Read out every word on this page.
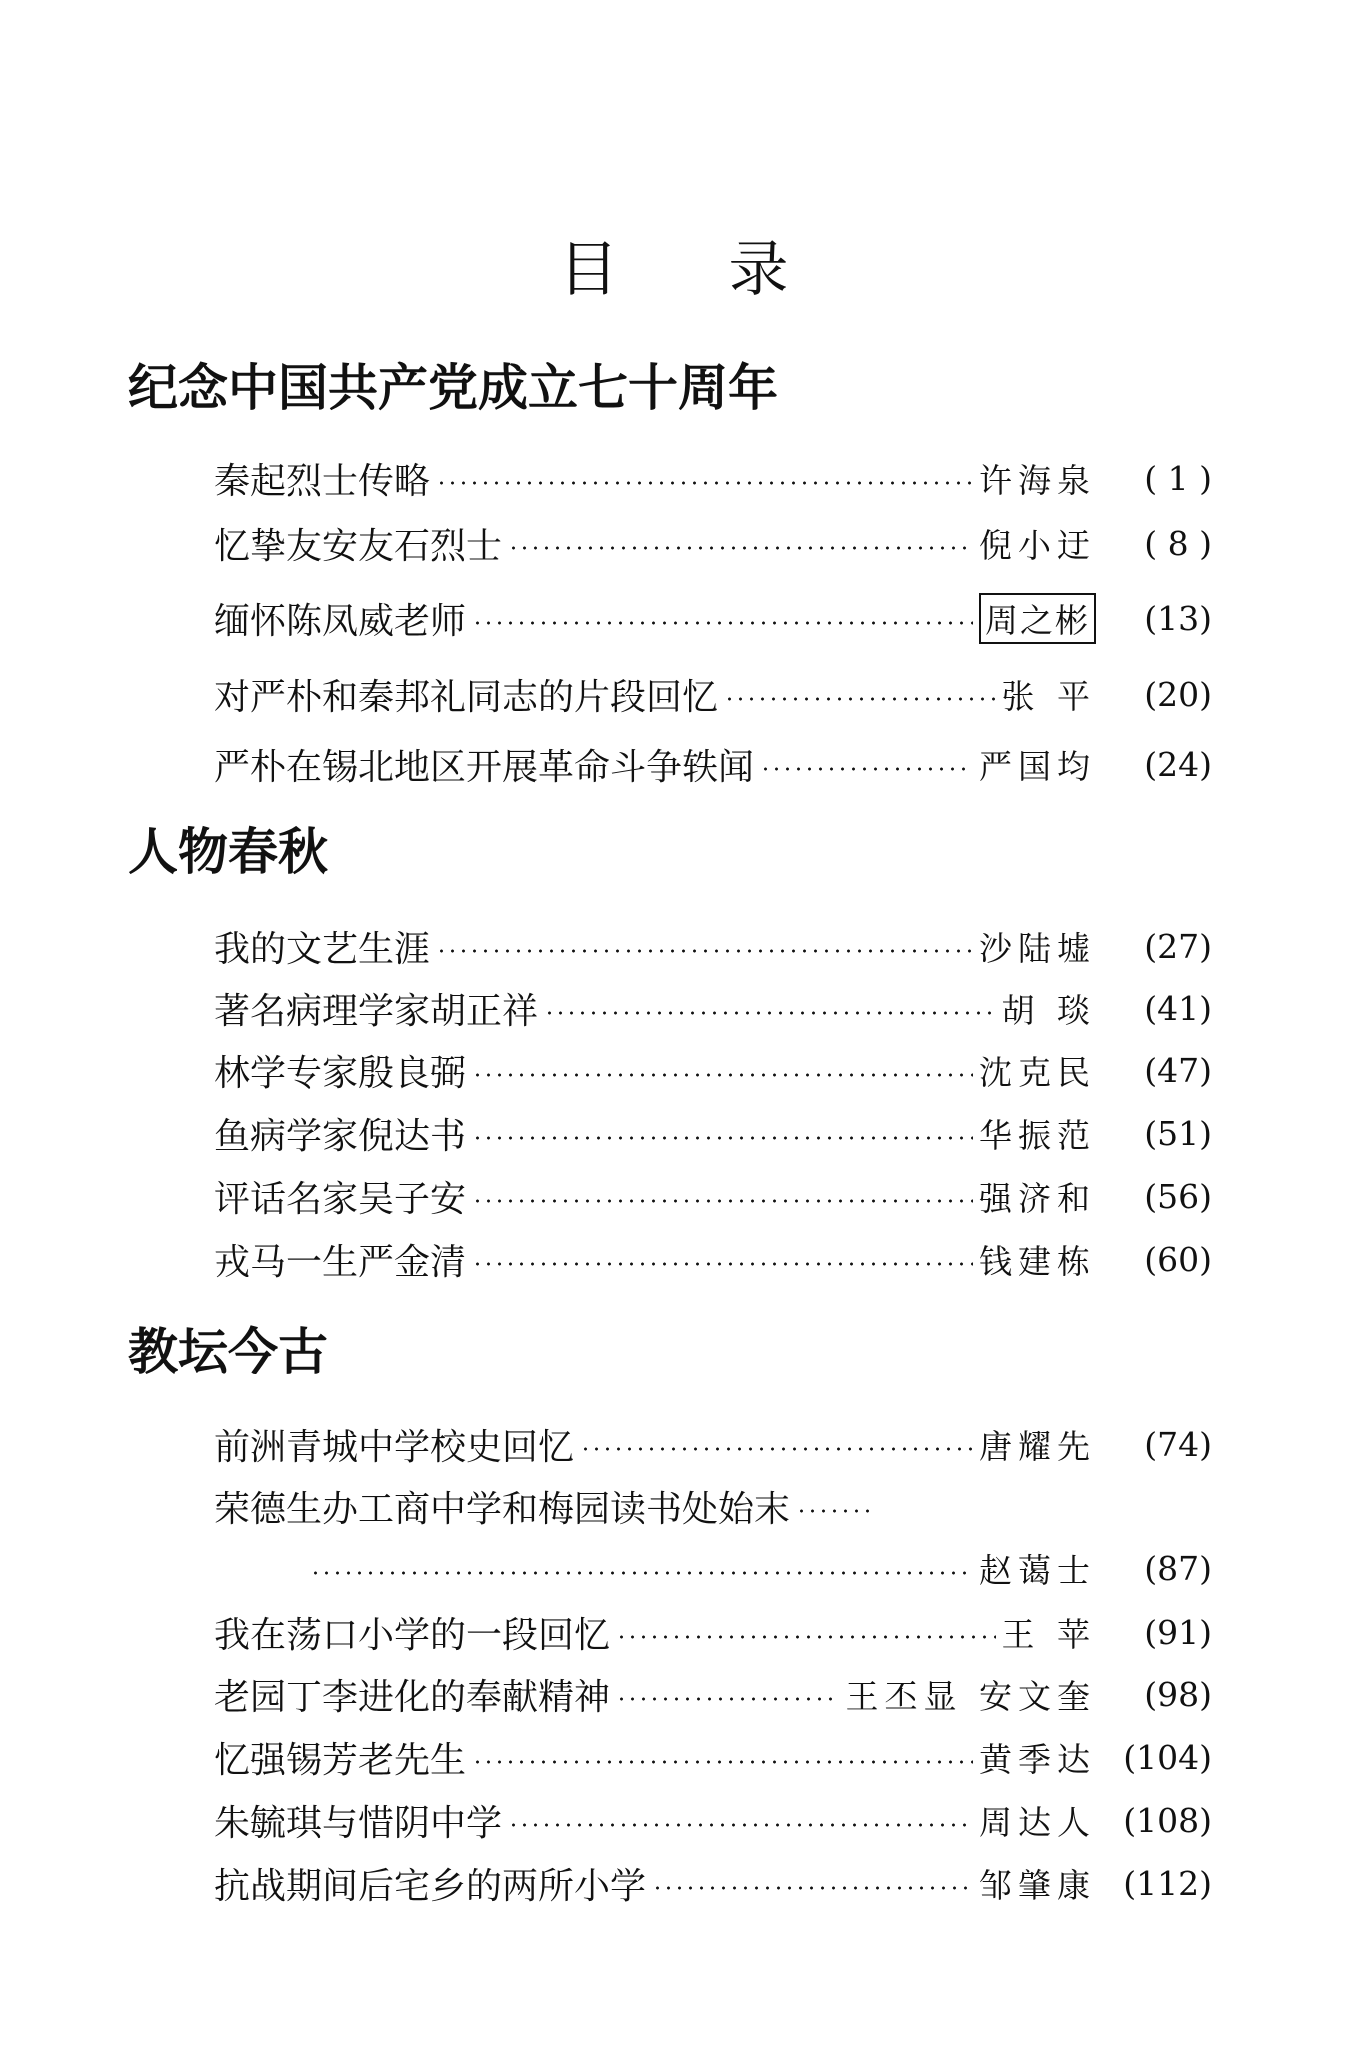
目录
纪念中国共产党成立七十周年
秦起烈士传略	许海泉	( 1 )
忆挚友安友石烈士	倪小迂	( 8 )
缅怀陈凤威老师	周之彬	(13)
对严朴和秦邦礼同志的片段回忆	张 平	(20)
严朴在锡北地区开展革命斗争轶闻	严国均	(24)
人物春秋
我的文艺生涯	沙陆墟	(27)
著名病理学家胡正祥	胡 琰	(41)
林学专家殷良弼	沈克民	(47)
鱼病学家倪达书	华振范	(51)
评话名家吴子安	强济和	(56)
戎马一生严金清	钱建栋	(60)
教坛今古
前洲青城中学校史回忆	唐耀先	(74)
荣德生办工商中学和梅园读书处始末
赵蔼士	(87)
我在荡口小学的一段回忆	王 苹	(91)
老园丁李进化的奉献精神	王丕显 安文奎	(98)
忆强锡芳老先生	黄季达 (104)
朱毓琪与惜阴中学	周达人 (108)
抗战期间后宅乡的两所小学	邹肇康 (112)
